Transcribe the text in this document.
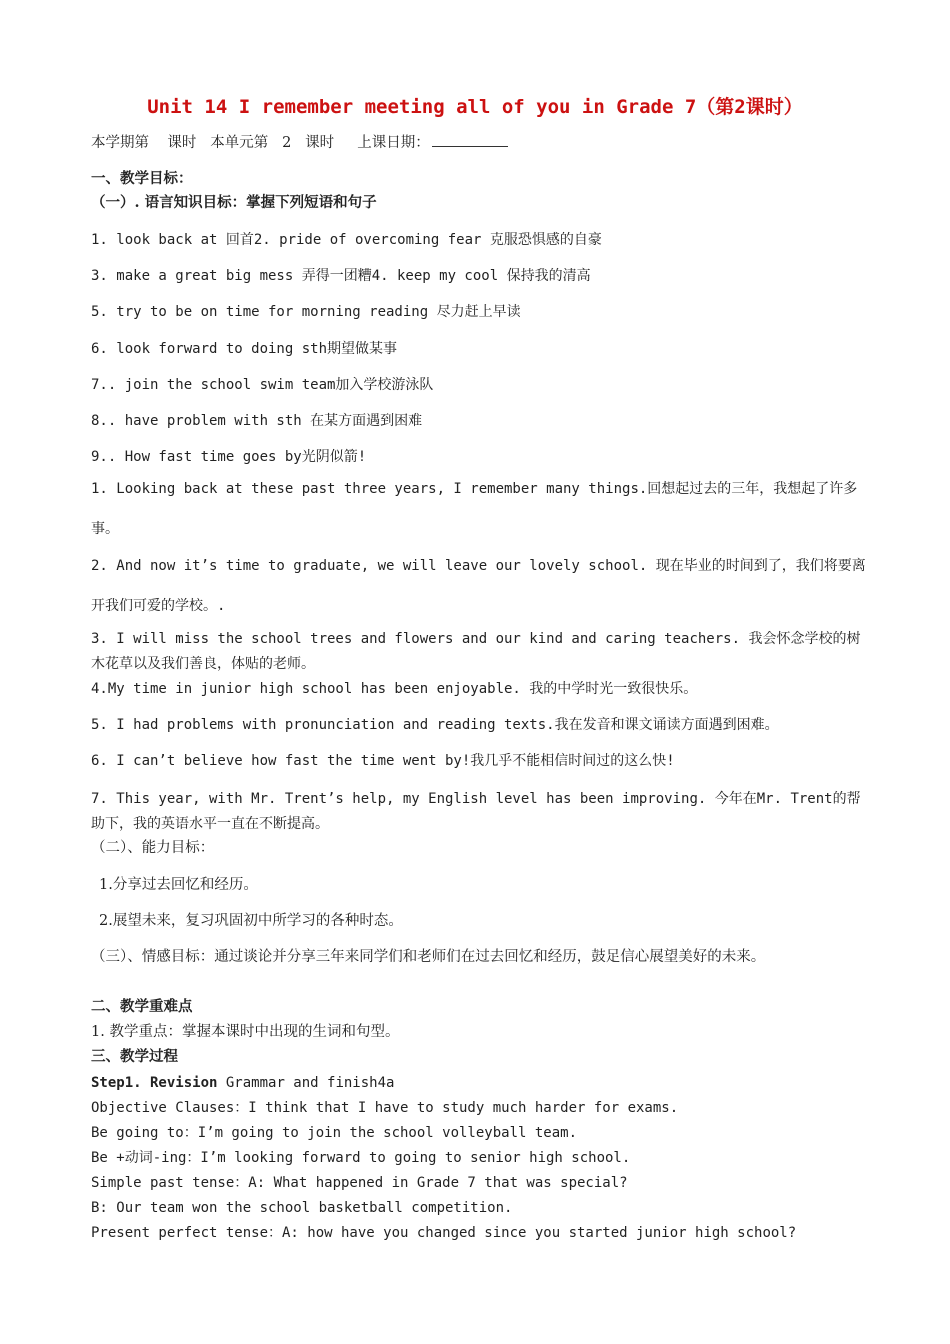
Unit 14 I remember meeting all of you in Grade 7（第2课时）
本学期第    课时   本单元第   2   课时     上课日期：
一、教学目标：
（一）. 语言知识目标：掌握下列短语和句子
1. look back at 回首2. pride of overcoming fear 克服恐惧感的自豪
3. make a great big mess 弄得一团糟4. keep my cool 保持我的清高
5. try to be on time for morning reading 尽力赶上早读
6. look forward to doing sth期望做某事
7.. join the school swim team加入学校游泳队
8.. have problem with sth 在某方面遇到困难
9.. How fast time goes by光阴似箭!
1. Looking back at these past three years, I remember many things.回想起过去的三年，我想起了许多事。
2. And now it’s time to graduate, we will leave our lovely school. 现在毕业的时间到了，我们将要离开我们可爱的学校。.
3. I will miss the school trees and flowers and our kind and caring teachers. 我会怀念学校的树木花草以及我们善良，体贴的老师。
4.My time in junior high school has been enjoyable. 我的中学时光一致很快乐。
5. I had problems with pronunciation and reading texts.我在发音和课文诵读方面遇到困难。
6. I can’t believe how fast the time went by!我几乎不能相信时间过的这么快!
7. This year, with Mr. Trent’s help, my English level has been improving. 今年在Mr. Trent的帮助下，我的英语水平一直在不断提高。
（二）、能力目标：
1.分享过去回忆和经历。
2.展望未来，复习巩固初中所学习的各种时态。
（三）、情感目标：通过谈论并分享三年来同学们和老师们在过去回忆和经历，鼓足信心展望美好的未来。
二、教学重难点
1. 教学重点：掌握本课时中出现的生词和句型。
三、教学过程
Step1. Revision Grammar and finish4a
Objective Clauses：I think that I have to study much harder for exams.
Be going to：I’m going to join the school volleyball team.
Be +动词-ing：I’m looking forward to going to senior high school.
Simple past tense：A: What happened in Grade 7 that was special?
B: Our team won the school basketball competition.
Present perfect tense：A: how have you changed since you started junior high school?
